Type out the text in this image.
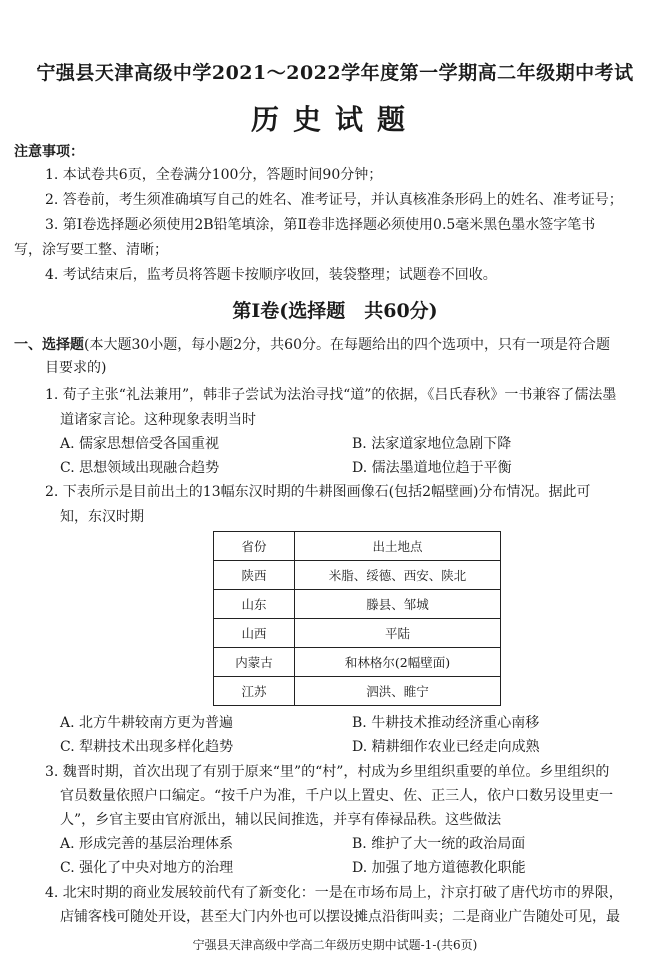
宁强县天津高级中学2021～2022学年度第一学期高二年级期中考试
历史试题
注意事项：
1. 本试卷共6页，全卷满分100分，答题时间90分钟；
2. 答卷前，考生须准确填写自己的姓名、准考证号，并认真核准条形码上的姓名、准考证号；
3. 第Ⅰ卷选择题必须使用2B铅笔填涂，第Ⅱ卷非选择题必须使用0.5毫米黑色墨水签字笔书
写，涂写要工整、清晰；
4. 考试结束后，监考员将答题卡按顺序收回，装袋整理；试题卷不回收。
第Ⅰ卷(选择题　共60分)
一、选择题(本大题30小题，每小题2分，共60分。在每题给出的四个选项中，只有一项是符合题
目要求的)
1. 荀子主张“礼法兼用”，韩非子尝试为法治寻找“道”的依据，《吕氏春秋》一书兼容了儒法墨
道诸家言论。这种现象表明当时
A. 儒家思想倍受各国重视	B. 法家道家地位急剧下降
C. 思想领域出现融合趋势	D. 儒法墨道地位趋于平衡
2. 下表所示是目前出土的13幅东汉时期的牛耕图画像石(包括2幅壁画)分布情况。据此可
知，东汉时期
省份	出土地点
陕西	米脂、绥德、西安、陕北
山东	滕县、邹城
山西	平陆
内蒙古	和林格尔(2幅壁面)
江苏	泗洪、睢宁
A. 北方牛耕较南方更为普遍	B. 牛耕技术推动经济重心南移
C. 犁耕技术出现多样化趋势	D. 精耕细作农业已经走向成熟
3. 魏晋时期，首次出现了有别于原来“里”的“村”，村成为乡里组织重要的单位。乡里组织的
官员数量依照户口编定。“按千户为准，千户以上置史、佐、正三人，依户口数另设里吏一
人”，乡官主要由官府派出，辅以民间推选，并享有俸禄品秩。这些做法
A. 形成完善的基层治理体系	B. 维护了大一统的政治局面
C. 强化了中央对地方的治理	D. 加强了地方道德教化职能
4. 北宋时期的商业发展较前代有了新变化：一是在市场布局上，汴京打破了唐代坊市的界限，
店铺客栈可随处开设，甚至大门内外也可以摆设摊点沿街叫卖；二是商业广告随处可见，最
宁强县天津高级中学高二年级历史期中试题-1-(共6页)
